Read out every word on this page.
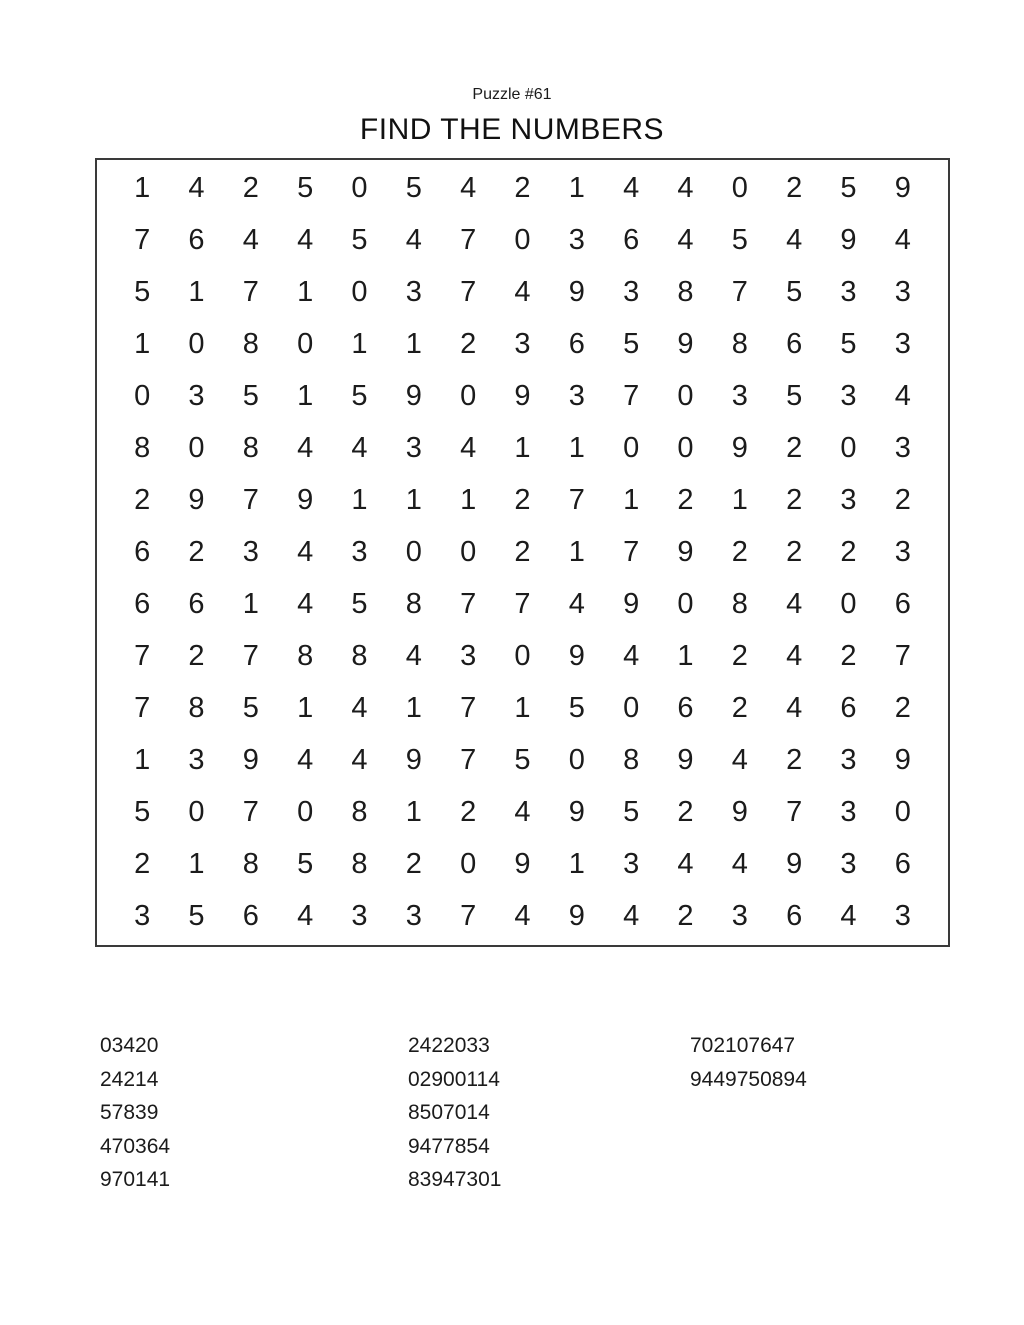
Puzzle #61
FIND THE NUMBERS
1	4	2	5	0	5	4	2	1	4	4	0	2	5	9
7	6	4	4	5	4	7	0	3	6	4	5	4	9	4
5	1	7	1	0	3	7	4	9	3	8	7	5	3	3
1	0	8	0	1	1	2	3	6	5	9	8	6	5	3
0	3	5	1	5	9	0	9	3	7	0	3	5	3	4
8	0	8	4	4	3	4	1	1	0	0	9	2	0	3
2	9	7	9	1	1	1	2	7	1	2	1	2	3	2
6	2	3	4	3	0	0	2	1	7	9	2	2	2	3
6	6	1	4	5	8	7	7	4	9	0	8	4	0	6
7	2	7	8	8	4	3	0	9	4	1	2	4	2	7
7	8	5	1	4	1	7	1	5	0	6	2	4	6	2
1	3	9	4	4	9	7	5	0	8	9	4	2	3	9
5	0	7	0	8	1	2	4	9	5	2	9	7	3	0
2	1	8	5	8	2	0	9	1	3	4	4	9	3	6
3	5	6	4	3	3	7	4	9	4	2	3	6	4	3
03420
24214
57839
470364
970141
2422033
02900114
8507014
9477854
83947301
702107647
9449750894
